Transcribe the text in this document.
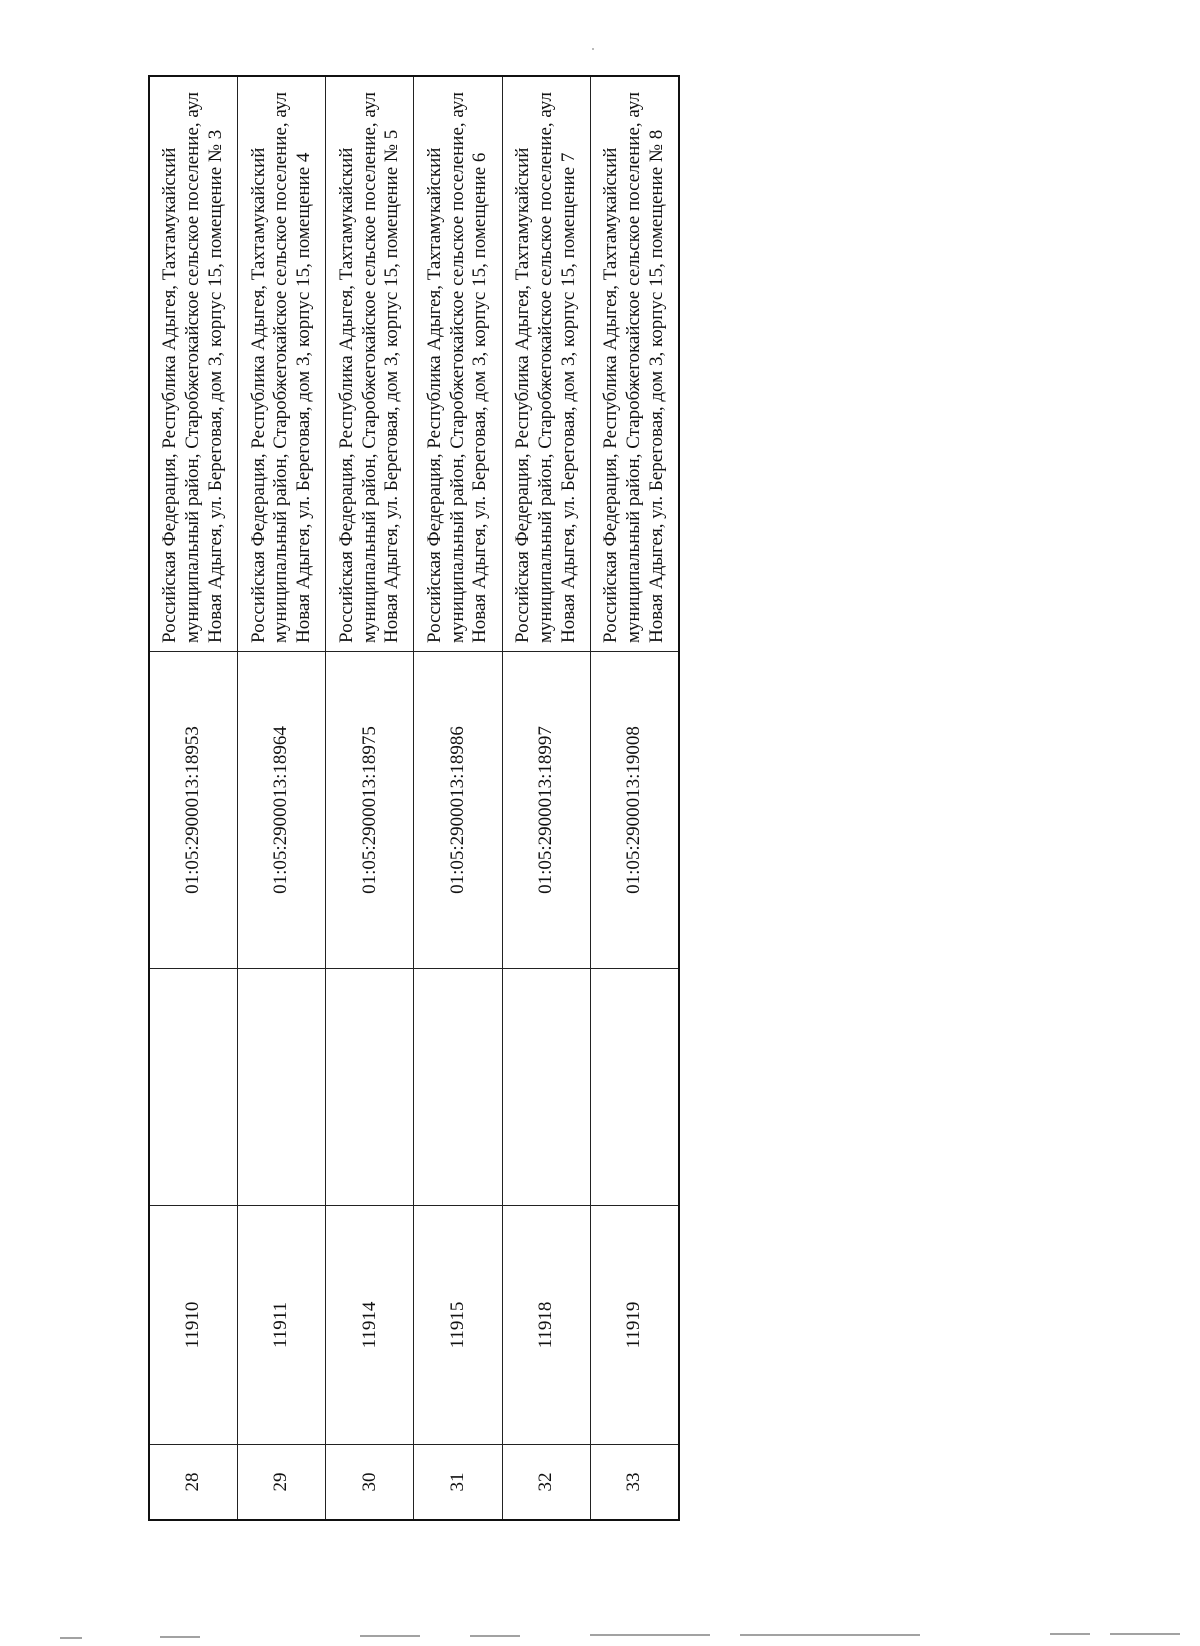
28	11910		01:05:2900013:18953	Российская Федерация, Республика Адыгея, Тахтамукайский муниципальный район, Старобжегокайское сельское поселение, аул Новая Адыгея, ул. Береговая, дом 3, корпус 15, помещение № 3
29	11911		01:05:2900013:18964	Российская Федерация, Республика Адыгея, Тахтамукайский муниципальный район, Старобжегокайское сельское поселение, аул Новая Адыгея, ул. Береговая, дом 3, корпус 15, помещение 4
30	11914		01:05:2900013:18975	Российская Федерация, Республика Адыгея, Тахтамукайский муниципальный район, Старобжегокайское сельское поселение, аул Новая Адыгея, ул. Береговая, дом 3, корпус 15, помещение № 5
31	11915		01:05:2900013:18986	Российская Федерация, Республика Адыгея, Тахтамукайский муниципальный район, Старобжегокайское сельское поселение, аул Новая Адыгея, ул. Береговая, дом 3, корпус 15, помещение 6
32	11918		01:05:2900013:18997	Российская Федерация, Республика Адыгея, Тахтамукайский муниципальный район, Старобжегокайское сельское поселение, аул Новая Адыгея, ул. Береговая, дом 3, корпус 15, помещение 7
33	11919		01:05:2900013:19008	Российская Федерация, Республика Адыгея, Тахтамукайский муниципальный район, Старобжегокайское сельское поселение, аул Новая Адыгея, ул. Береговая, дом 3, корпус 15, помещение № 8
